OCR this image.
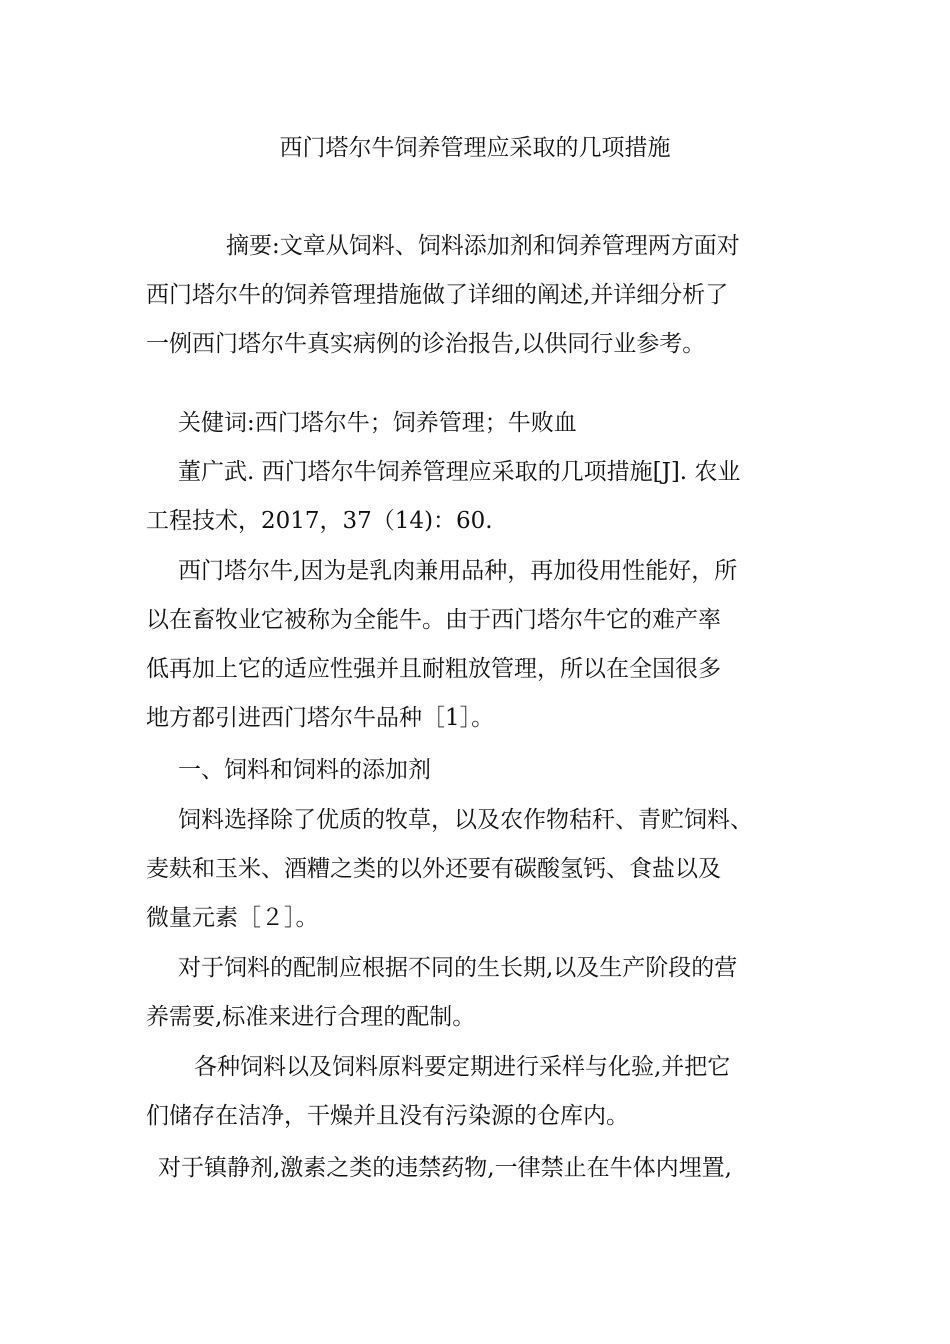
西门塔尔牛饲养管理应采取的几项措施
摘要:文章从饲料、饲料添加剂和饲养管理两方面对
西门塔尔牛的饲养管理措施做了详细的阐述,并详细分析了
一例西门塔尔牛真实病例的诊治报告,以供同行业参考。
关健词:西门塔尔牛；饲养管理；牛败血
董广武. 西门塔尔牛饲养管理应采取的几项措施[J]. 农业
工程技术，2017，37（14)：60.
西门塔尔牛,因为是乳肉兼用品种，再加役用性能好，所
以在畜牧业它被称为全能牛。由于西门塔尔牛它的难产率
低再加上它的适应性强并且耐粗放管理，所以在全国很多
地方都引进西门塔尔牛品种［1］。
一、饲料和饲料的添加剂
饲料选择除了优质的牧草，以及农作物秸秆、青贮饲料、
麦麸和玉米、酒糟之类的以外还要有碳酸氢钙、食盐以及
微量元素［２］。
对于饲料的配制应根据不同的生长期,以及生产阶段的营
养需要,标准来进行合理的配制。
各种饲料以及饲料原料要定期进行采样与化验,并把它
们储存在洁净，干燥并且没有污染源的仓库内。
对于镇静剂,激素之类的违禁药物,一律禁止在牛体内埋置,
